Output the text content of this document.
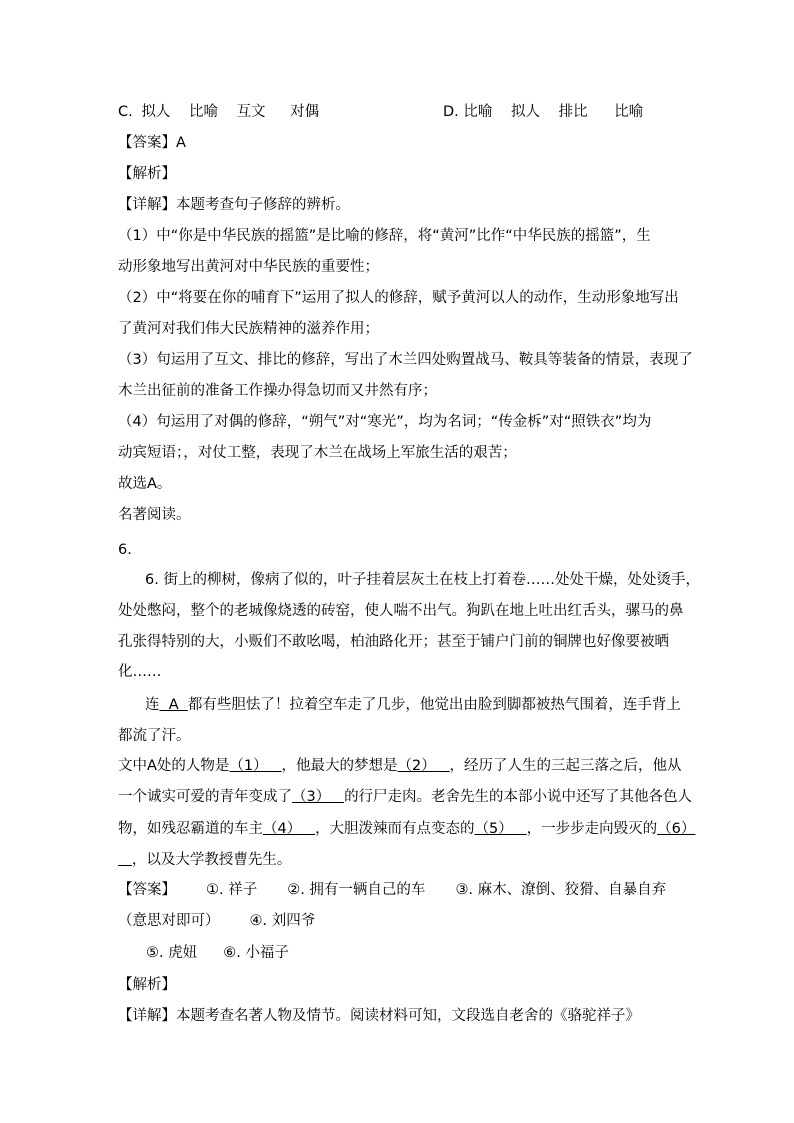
C. 拟人 比喻 互文 对偶	D. 比喻 拟人 排比 比喻
【答案】A
【解析】
【详解】本题考查句子修辞的辨析。
（1）中“你是中华民族的摇篮”是比喻的修辞，将“黄河”比作“中华民族的摇篮”，生
动形象地写出黄河对中华民族的重要性；
（2）中“将要在你的哺育下”运用了拟人的修辞，赋予黄河以人的动作，生动形象地写出
了黄河对我们伟大民族精神的滋养作用；
（3）句运用了互文、排比的修辞，写出了木兰四处购置战马、鞍具等装备的情景，表现了
木兰出征前的准备工作操办得急切而又井然有序；
（4）句运用了对偶的修辞，“朔气”对“寒光”，均为名词；“传金柝”对“照铁衣”均为
动宾短语；，对仗工整，表现了木兰在战场上军旅生活的艰苦；
故选A。
名著阅读。
6.
6. 街上的柳树，像病了似的，叶子挂着层灰土在枝上打着卷……处处干燥，处处烫手，
处处憋闷，整个的老城像烧透的砖窑，使人喘不出气。狗趴在地上吐出红舌头，骡马的鼻
孔张得特别的大，小贩们不敢吆喝，柏油路化开；甚至于铺户门前的铜牌也好像要被晒
化……
连  A  都有些胆怯了！拉着空车走了几步，他觉出由脸到脚都被热气围着，连手背上
都流了汗。
文中A处的人物是（1） ，他最大的梦想是（2） ，经历了人生的三起三落之后，他从
一个诚实可爱的青年变成了（3） 的行尸走肉。老舍先生的本部小说中还写了其他各色人
物，如残忍霸道的车主（4） ，大胆泼辣而有点变态的（5） ，一步步走向毁灭的（6）
，以及大学教授曹先生。
【答案】 ①. 祥子 ②. 拥有一辆自己的车 ③. 麻木、潦倒、狡猾、自暴自弃
（意思对即可） ④. 刘四爷
⑤. 虎妞 ⑥. 小福子
【解析】
【详解】本题考查名著人物及情节。阅读材料可知，文段选自老舍的《骆驼祥子》
